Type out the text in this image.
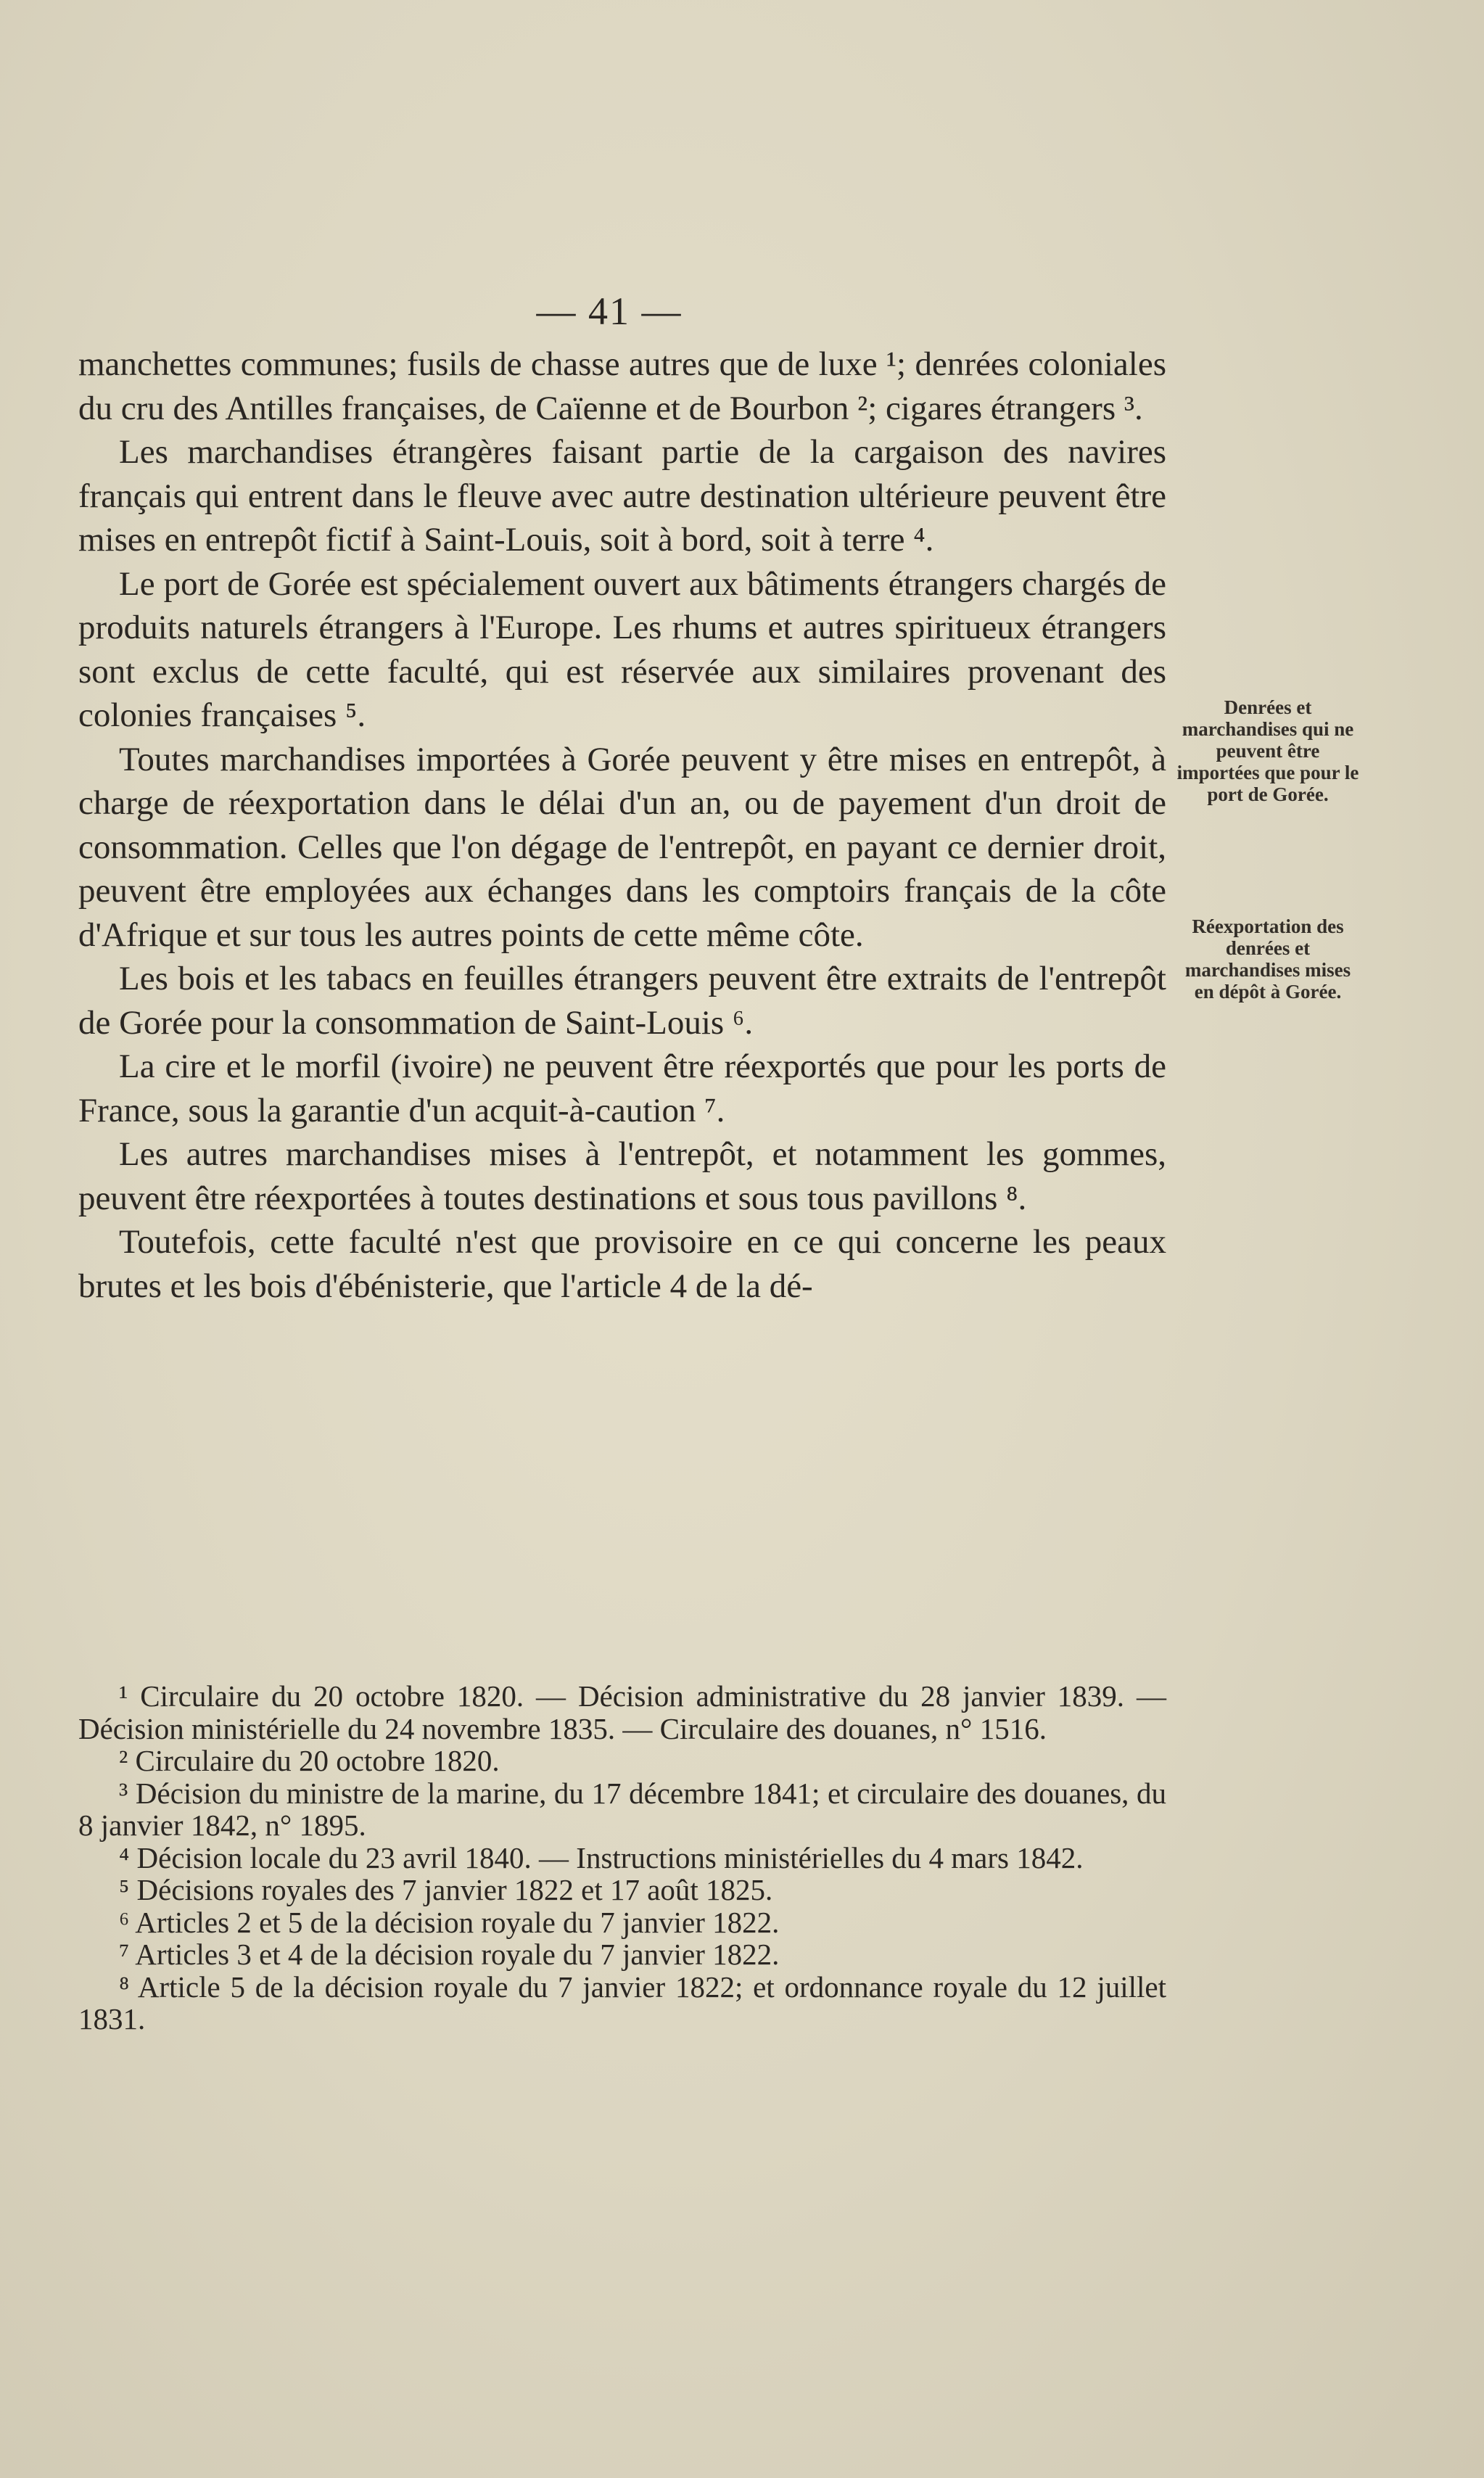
— 41 —

manchettes communes; fusils de chasse autres que de luxe ¹; denrées coloniales du cru des Antilles françaises, de Caïenne et de Bourbon ²; cigares étrangers ³.

Les marchandises étrangères faisant partie de la cargaison des navires français qui entrent dans le fleuve avec autre destination ultérieure peuvent être mises en entrepôt fictif à Saint-Louis, soit à bord, soit à terre ⁴.

Le port de Gorée est spécialement ouvert aux bâtiments étrangers chargés de produits naturels étrangers à l'Europe. Les rhums et autres spiritueux étrangers sont exclus de cette faculté, qui est réservée aux similaires provenant des colonies françaises ⁵.

Toutes marchandises importées à Gorée peuvent y être mises en entrepôt, à charge de réexportation dans le délai d'un an, ou de payement d'un droit de consommation. Celles que l'on dégage de l'entrepôt, en payant ce dernier droit, peuvent être employées aux échanges dans les comptoirs français de la côte d'Afrique et sur tous les autres points de cette même côte.

Les bois et les tabacs en feuilles étrangers peuvent être extraits de l'entrepôt de Gorée pour la consommation de Saint-Louis ⁶.

La cire et le morfil (ivoire) ne peuvent être réexportés que pour les ports de France, sous la garantie d'un acquit-à-caution ⁷.

Les autres marchandises mises à l'entrepôt, et notamment les gommes, peuvent être réexportées à toutes destinations et sous tous pavillons ⁸.

Toutefois, cette faculté n'est que provisoire en ce qui concerne les peaux brutes et les bois d'ébénisterie, que l'article 4 de la dé-

Denrées et marchandises qui ne peuvent être importées que pour le port de Gorée.
Réexportation des denrées et marchandises mises en dépôt à Gorée.

¹ Circulaire du 20 octobre 1820. — Décision administrative du 28 janvier 1839. — Décision ministérielle du 24 novembre 1835. — Circulaire des douanes, n° 1516.

² Circulaire du 20 octobre 1820.

³ Décision du ministre de la marine, du 17 décembre 1841; et circulaire des douanes, du 8 janvier 1842, n° 1895.

⁴ Décision locale du 23 avril 1840. — Instructions ministérielles du 4 mars 1842.

⁵ Décisions royales des 7 janvier 1822 et 17 août 1825.

⁶ Articles 2 et 5 de la décision royale du 7 janvier 1822.

⁷ Articles 3 et 4 de la décision royale du 7 janvier 1822.

⁸ Article 5 de la décision royale du 7 janvier 1822; et ordonnance royale du 12 juillet 1831.
